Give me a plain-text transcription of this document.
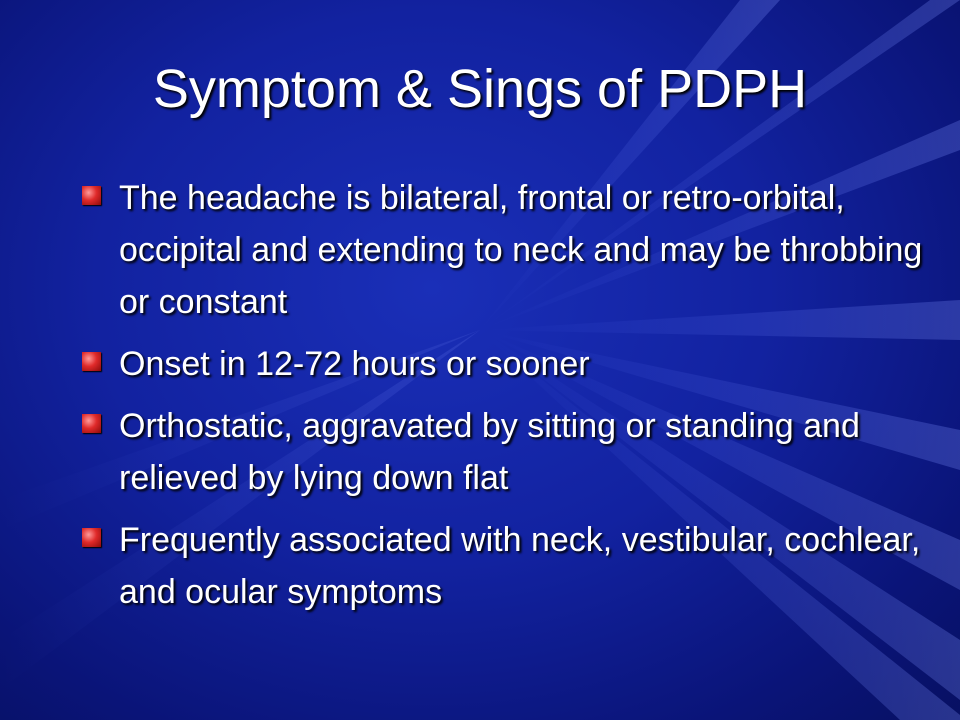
Symptom & Sings of PDPH
The headache is bilateral, frontal or retro-orbital, occipital and extending to neck and may be throbbing or constant
Onset in 12-72 hours or sooner
Orthostatic, aggravated by sitting or standing and relieved by lying down flat
Frequently associated with neck, vestibular, cochlear, and ocular symptoms
